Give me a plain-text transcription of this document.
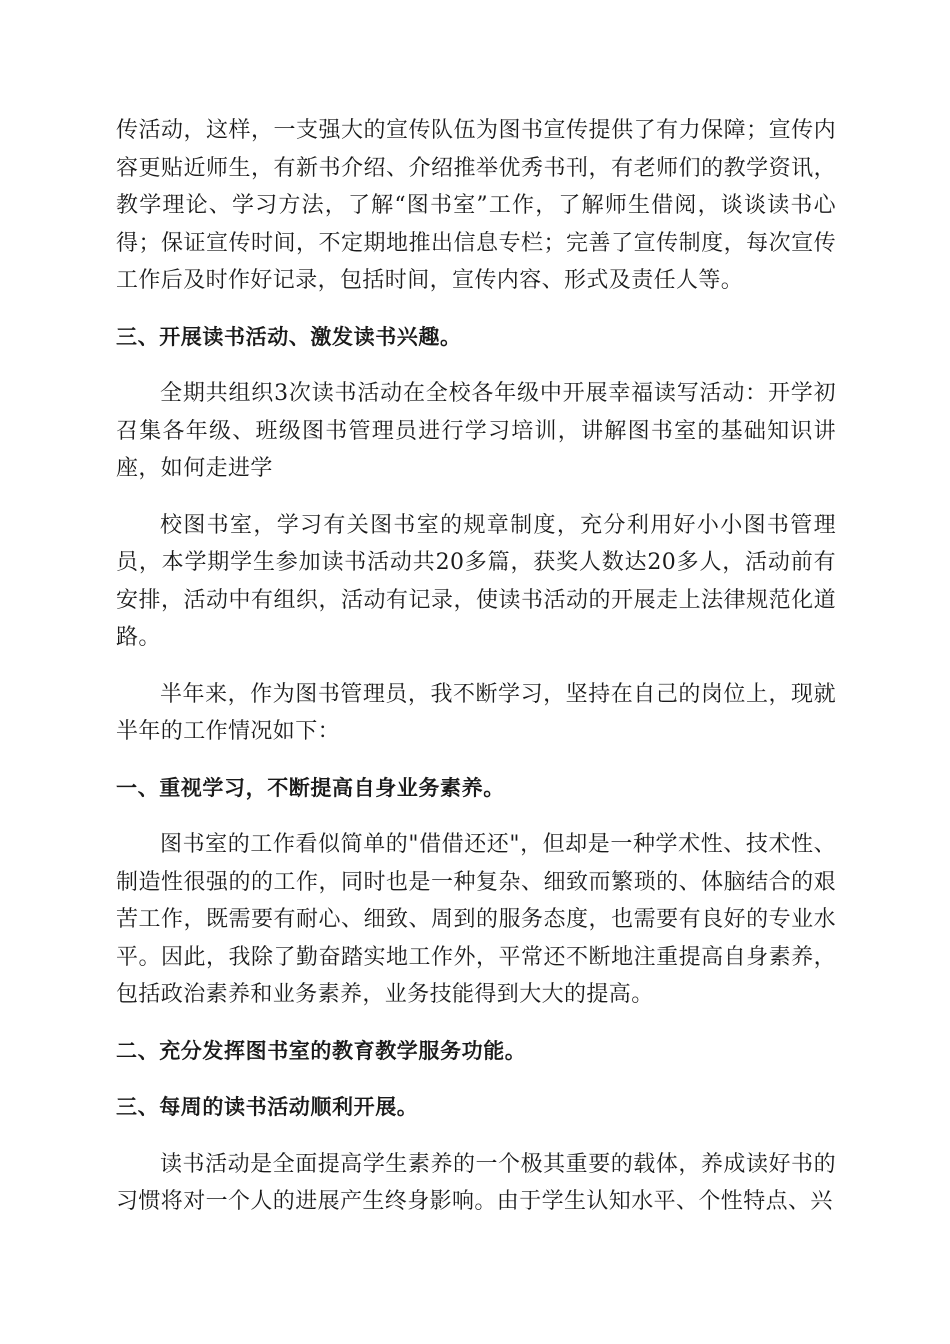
传活动，这样，一支强大的宣传队伍为图书宣传提供了有力保障；宣传内容更贴近师生，有新书介绍、介绍推举优秀书刊，有老师们的教学资讯，教学理论、学习方法，了解“图书室”工作，了解师生借阅，谈谈读书心得；保证宣传时间，不定期地推出信息专栏；完善了宣传制度，每次宣传工作后及时作好记录，包括时间，宣传内容、形式及责任人等。

三、开展读书活动、激发读书兴趣。

全期共组织3次读书活动在全校各年级中开展幸福读写活动：开学初召集各年级、班级图书管理员进行学习培训，讲解图书室的基础知识讲座，如何走进学

校图书室，学习有关图书室的规章制度，充分利用好小小图书管理员，本学期学生参加读书活动共20多篇，获奖人数达20多人，活动前有安排，活动中有组织，活动有记录，使读书活动的开展走上法律规范化道路。

半年来，作为图书管理员，我不断学习，坚持在自己的岗位上，现就半年的工作情况如下：

一、重视学习，不断提高自身业务素养。

图书室的工作看似简单的"借借还还"，但却是一种学术性、技术性、制造性很强的的工作，同时也是一种复杂、细致而繁琐的、体脑结合的艰苦工作，既需要有耐心、细致、周到的服务态度，也需要有良好的专业水平。因此，我除了勤奋踏实地工作外，平常还不断地注重提高自身素养，包括政治素养和业务素养，业务技能得到大大的提高。

二、充分发挥图书室的教育教学服务功能。

三、每周的读书活动顺利开展。

读书活动是全面提高学生素养的一个极其重要的载体，养成读好书的习惯将对一个人的进展产生终身影响。由于学生认知水平、个性特点、兴
